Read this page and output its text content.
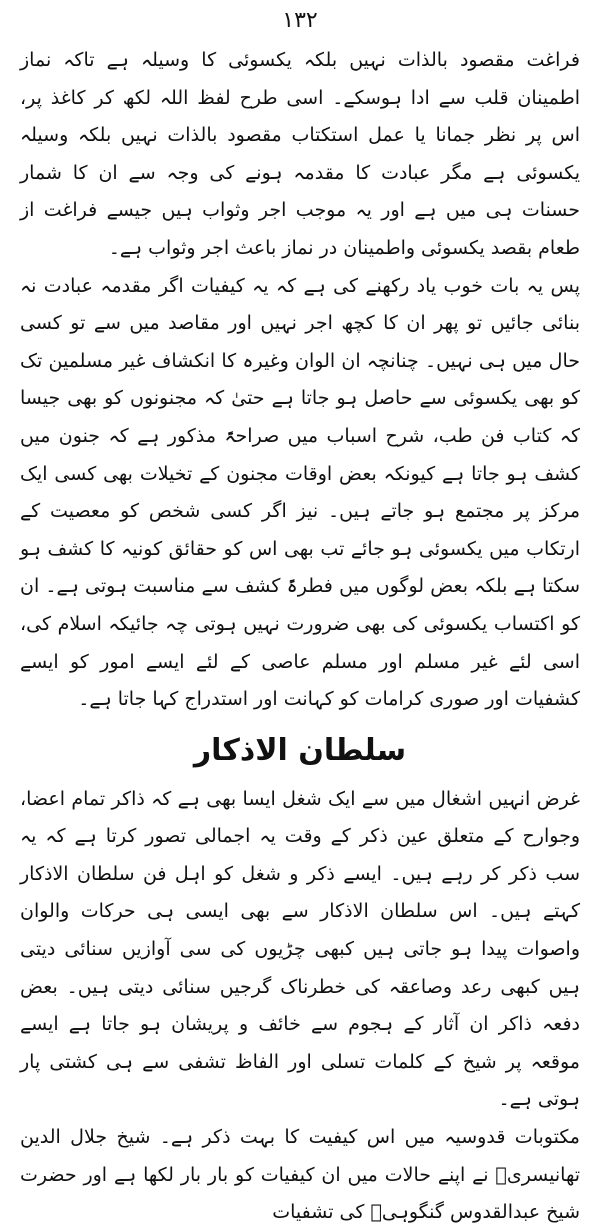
۱۳۲

فراغت مقصود بالذات نہیں بلکہ یکسوئی کا وسیلہ ہے تاکہ نماز اطمینان قلب سے ادا ہوسکے۔ اسی طرح لفظ اللہ لکھ کر کاغذ پر، اس پر نظر جمانا یا عمل استکتاب مقصود بالذات نہیں بلکہ وسیلہ یکسوئی ہے مگر عبادت کا مقدمہ ہونے کی وجہ سے ان کا شمار حسنات ہی میں ہے اور یہ موجب اجر وثواب ہیں جیسے فراغت از طعام بقصد یکسوئی واطمینان در نماز باعث اجر وثواب ہے۔

پس یہ بات خوب یاد رکھنے کی ہے کہ یہ کیفیات اگر مقدمہ عبادت نہ بنائی جائیں تو پھر ان کا کچھ اجر نہیں اور مقاصد میں سے تو کسی حال میں ہی نہیں۔ چنانچہ ان الوان وغیرہ کا انکشاف غیر مسلمین تک کو بھی یکسوئی سے حاصل ہو جاتا ہے حتیٰ کہ مجنونوں کو بھی جیسا کہ کتاب فن طب، شرح اسباب میں صراحۃً مذکور ہے کہ جنون میں کشف ہو جاتا ہے کیونکہ بعض اوقات مجنون کے تخیلات بھی کسی ایک مرکز پر مجتمع ہو جاتے ہیں۔ نیز اگر کسی شخص کو معصیت کے ارتکاب میں یکسوئی ہو جائے تب بھی اس کو حقائق کونیہ کا کشف ہو سکتا ہے بلکہ بعض لوگوں میں فطرۃً کشف سے مناسبت ہوتی ہے۔ ان کو اکتساب یکسوئی کی بھی ضرورت نہیں ہوتی چہ جائیکہ اسلام کی، اسی لئے غیر مسلم اور مسلم عاصی کے لئے ایسے امور کو ایسے کشفیات اور صوری کرامات کو کہانت اور استدراج کہا جاتا ہے۔

سلطان الاذکار

غرض انہیں اشغال میں سے ایک شغل ایسا بھی ہے کہ ذاکر تمام اعضا، وجوارح کے متعلق عین ذکر کے وقت یہ اجمالی تصور کرتا ہے کہ یہ سب ذکر کر رہے ہیں۔ ایسے ذکر و شغل کو اہل فن سلطان الاذکار کہتے ہیں۔ اس سلطان الاذکار سے بھی ایسی ہی حرکات والوان واصوات پیدا ہو جاتی ہیں کبھی چڑیوں کی سی آوازیں سنائی دیتی ہیں کبھی رعد وصاعقہ کی خطرناک گرجیں سنائی دیتی ہیں۔ بعض دفعہ ذاکر ان آثار کے ہجوم سے خائف و پریشان ہو جاتا ہے ایسے موقعہ پر شیخ کے کلمات تسلی اور الفاظ تشفی سے ہی کشتی پار ہوتی ہے۔

مکتوبات قدوسیہ میں اس کیفیت کا بہت ذکر ہے۔ شیخ جلال الدین تھانیسریؒ نے اپنے حالات میں ان کیفیات کو بار بار لکھا ہے اور حضرت شیخ عبدالقدوس گنگوہیؒ کی تشفیات
